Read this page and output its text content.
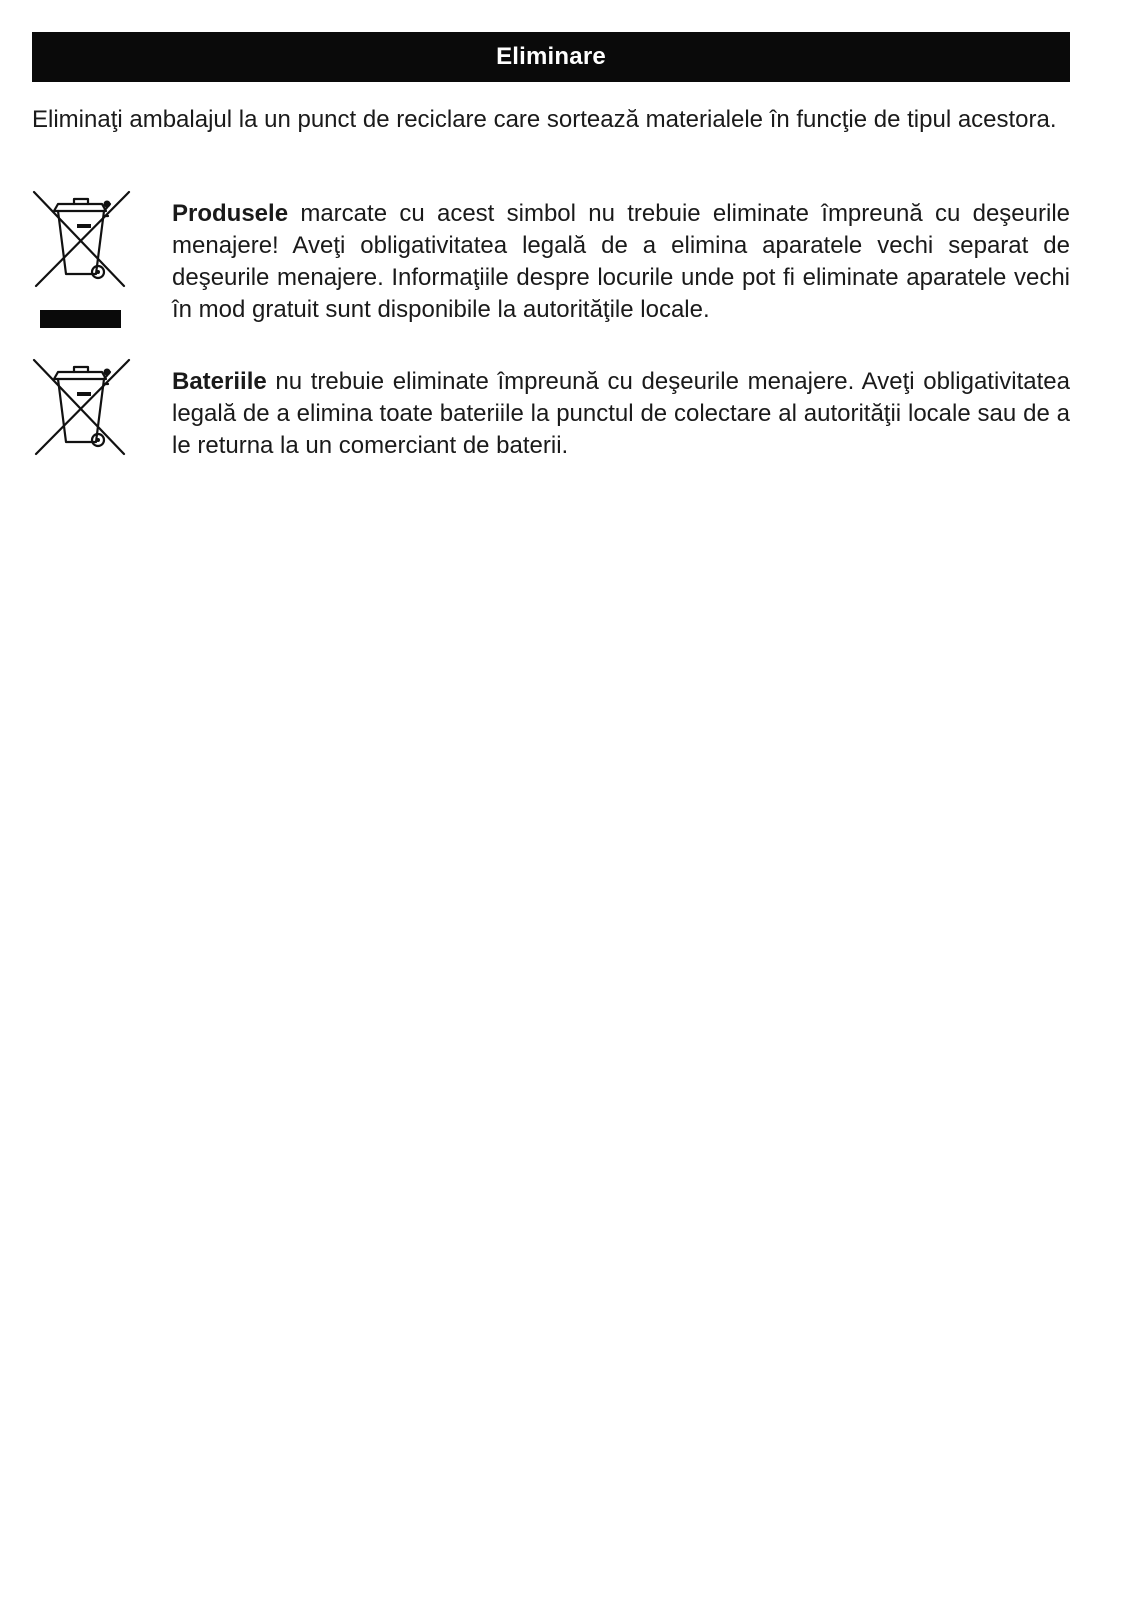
Eliminare

Eliminaţi ambalajul la un punct de reciclare care sortează materialele în funcţie de tipul acestora.

Produsele marcate cu acest simbol nu trebuie eliminate împreună cu deşeurile menajere! Aveţi obligativitatea legală de a elimina aparatele vechi separat de deşeurile menajere. Informaţiile despre locurile unde pot fi eliminate aparatele vechi în mod gratuit sunt disponibile la autorităţile locale.

Bateriile nu trebuie eliminate împreună cu deşeurile menajere. Aveţi obligativitatea legală de a elimina toate bateriile la punctul de colectare al autorităţii locale sau de a le returna la un comerciant de baterii.
